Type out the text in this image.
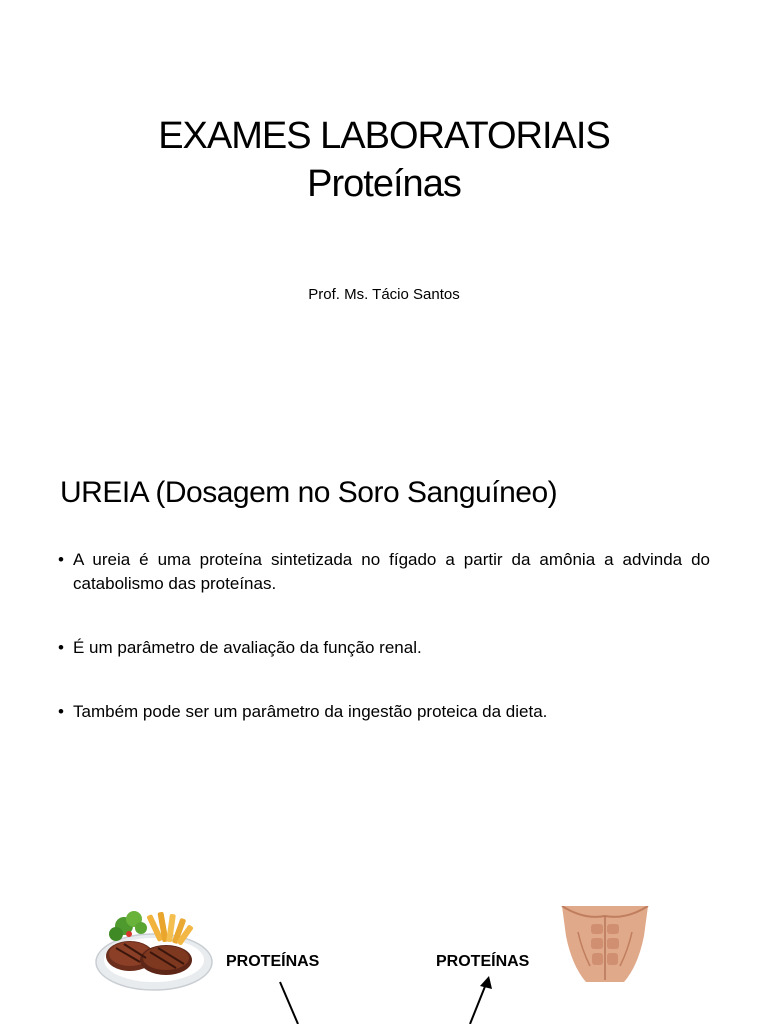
EXAMES LABORATORIAIS
Proteínas
Prof. Ms. Tácio Santos
UREIA (Dosagem no Soro Sanguíneo)
• A ureia é uma proteína sintetizada no fígado a partir da amônia a advinda do catabolismo das proteínas.
• É um parâmetro de avaliação da função renal.
• Também pode ser um parâmetro da ingestão proteica da dieta.
PROTEÍNAS	PROTEÍNAS
